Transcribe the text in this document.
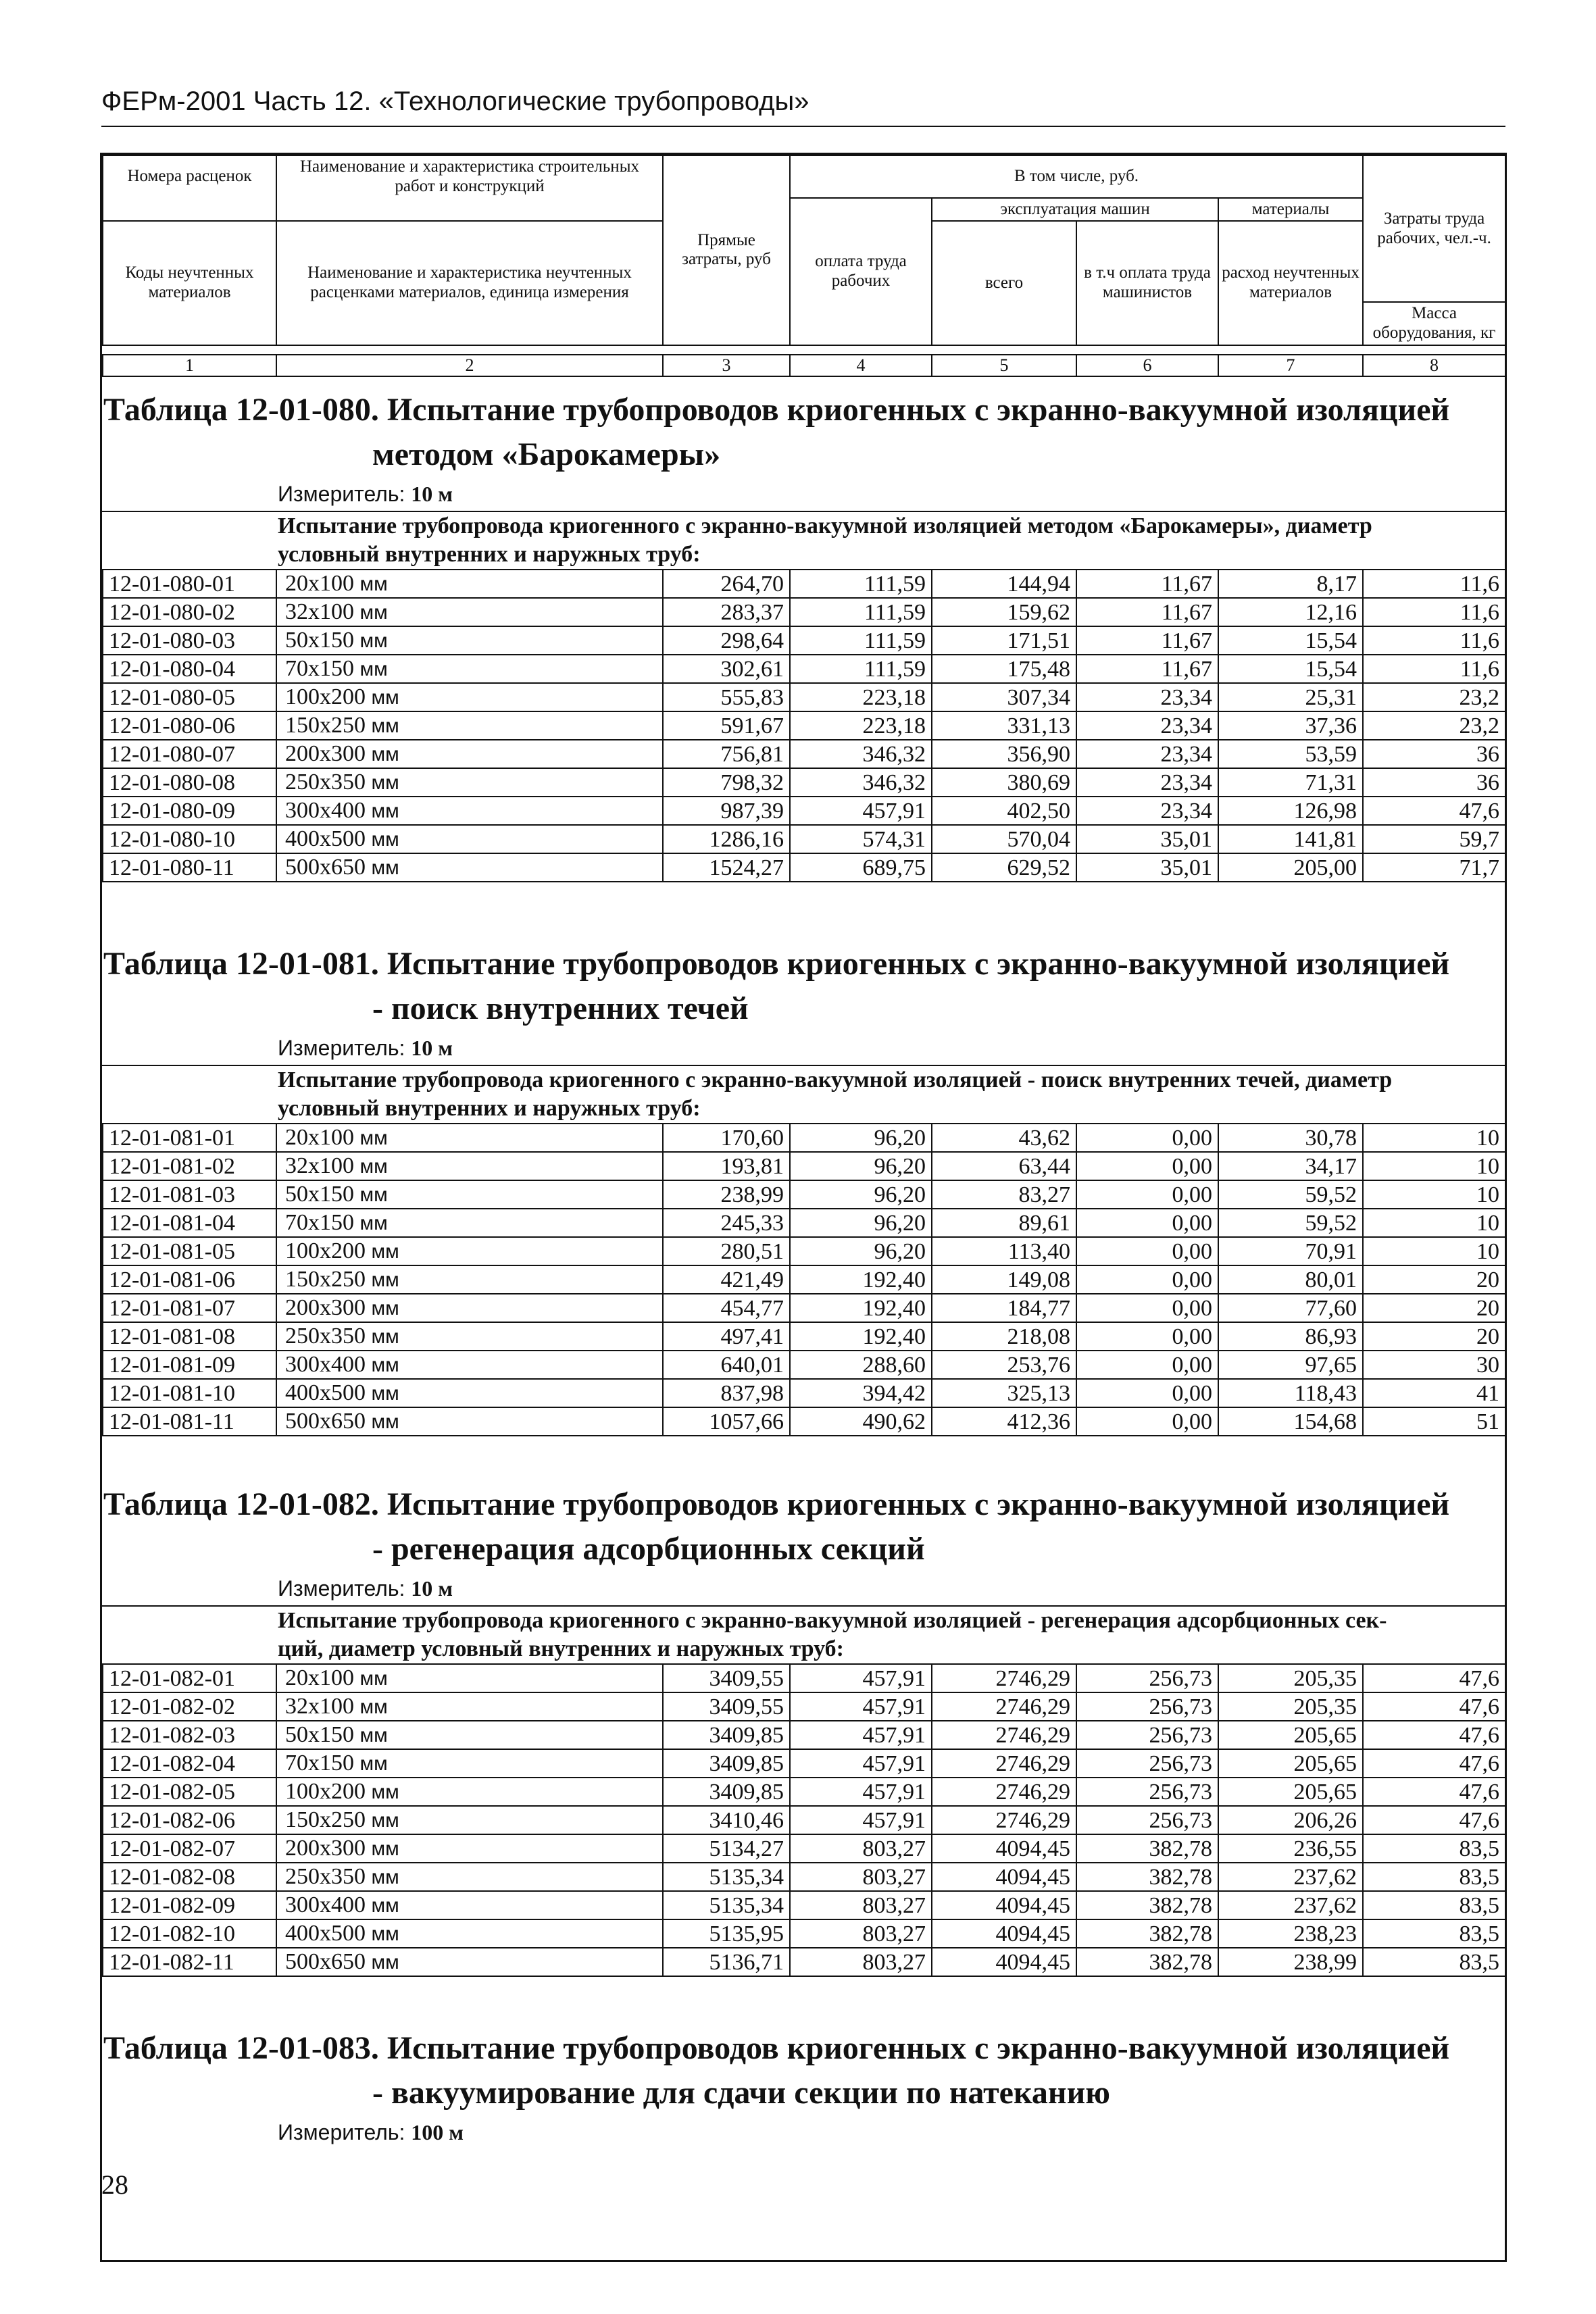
ФЕРм-2001 Часть 12. «Технологические трубопроводы»
Номера расценок	Наименование и характеристика строительных работ и конструкций	Прямые затраты, руб	В том числе, руб.				Затраты труда рабочих, чел.-ч.
			оплата труда рабочих	эксплуатация машин		материалы	
Коды неучтенных материалов	Наименование и характеристика неучтенных расценками материалов, единица измерения			всего	в т.ч оплата труда машинистов	расход неучтенных материалов	
							Масса оборудования, кг

1	2	3	4	5	6	7	8
Таблица 12-01-080. Испытание трубопроводов криогенных с экранно-вакуумной изоляцией
методом «Барокамеры»
Измеритель: 10 м
Испытание трубопровода криогенного с экранно-вакуумной изоляцией методом «Барокамеры», диаметр
условный внутренних и наружных труб:
12-01-080-01	20х100 мм	264,70	111,59	144,94	11,67	8,17	11,6
12-01-080-02	32х100 мм	283,37	111,59	159,62	11,67	12,16	11,6
12-01-080-03	50х150 мм	298,64	111,59	171,51	11,67	15,54	11,6
12-01-080-04	70х150 мм	302,61	111,59	175,48	11,67	15,54	11,6
12-01-080-05	100х200 мм	555,83	223,18	307,34	23,34	25,31	23,2
12-01-080-06	150х250 мм	591,67	223,18	331,13	23,34	37,36	23,2
12-01-080-07	200х300 мм	756,81	346,32	356,90	23,34	53,59	36
12-01-080-08	250х350 мм	798,32	346,32	380,69	23,34	71,31	36
12-01-080-09	300х400 мм	987,39	457,91	402,50	23,34	126,98	47,6
12-01-080-10	400х500 мм	1286,16	574,31	570,04	35,01	141,81	59,7
12-01-080-11	500х650 мм	1524,27	689,75	629,52	35,01	205,00	71,7
Таблица 12-01-081. Испытание трубопроводов криогенных с экранно-вакуумной изоляцией
- поиск внутренних течей
Измеритель: 10 м
Испытание трубопровода криогенного с экранно-вакуумной изоляцией - поиск внутренних течей, диаметр
условный внутренних и наружных труб:
12-01-081-01	20х100 мм	170,60	96,20	43,62	0,00	30,78	10
12-01-081-02	32х100 мм	193,81	96,20	63,44	0,00	34,17	10
12-01-081-03	50х150 мм	238,99	96,20	83,27	0,00	59,52	10
12-01-081-04	70х150 мм	245,33	96,20	89,61	0,00	59,52	10
12-01-081-05	100х200 мм	280,51	96,20	113,40	0,00	70,91	10
12-01-081-06	150х250 мм	421,49	192,40	149,08	0,00	80,01	20
12-01-081-07	200х300 мм	454,77	192,40	184,77	0,00	77,60	20
12-01-081-08	250х350 мм	497,41	192,40	218,08	0,00	86,93	20
12-01-081-09	300х400 мм	640,01	288,60	253,76	0,00	97,65	30
12-01-081-10	400х500 мм	837,98	394,42	325,13	0,00	118,43	41
12-01-081-11	500х650 мм	1057,66	490,62	412,36	0,00	154,68	51
Таблица 12-01-082. Испытание трубопроводов криогенных с экранно-вакуумной изоляцией
- регенерация адсорбционных секций
Измеритель: 10 м
Испытание трубопровода криогенного с экранно-вакуумной изоляцией - регенерация адсорбционных сек-
ций, диаметр условный внутренних и наружных труб:
12-01-082-01	20х100 мм	3409,55	457,91	2746,29	256,73	205,35	47,6
12-01-082-02	32х100 мм	3409,55	457,91	2746,29	256,73	205,35	47,6
12-01-082-03	50х150 мм	3409,85	457,91	2746,29	256,73	205,65	47,6
12-01-082-04	70х150 мм	3409,85	457,91	2746,29	256,73	205,65	47,6
12-01-082-05	100х200 мм	3409,85	457,91	2746,29	256,73	205,65	47,6
12-01-082-06	150х250 мм	3410,46	457,91	2746,29	256,73	206,26	47,6
12-01-082-07	200х300 мм	5134,27	803,27	4094,45	382,78	236,55	83,5
12-01-082-08	250х350 мм	5135,34	803,27	4094,45	382,78	237,62	83,5
12-01-082-09	300х400 мм	5135,34	803,27	4094,45	382,78	237,62	83,5
12-01-082-10	400х500 мм	5135,95	803,27	4094,45	382,78	238,23	83,5
12-01-082-11	500х650 мм	5136,71	803,27	4094,45	382,78	238,99	83,5
Таблица 12-01-083. Испытание трубопроводов криогенных с экранно-вакуумной изоляцией
- вакуумирование для сдачи секции по натеканию
Измеритель: 100 м
28
